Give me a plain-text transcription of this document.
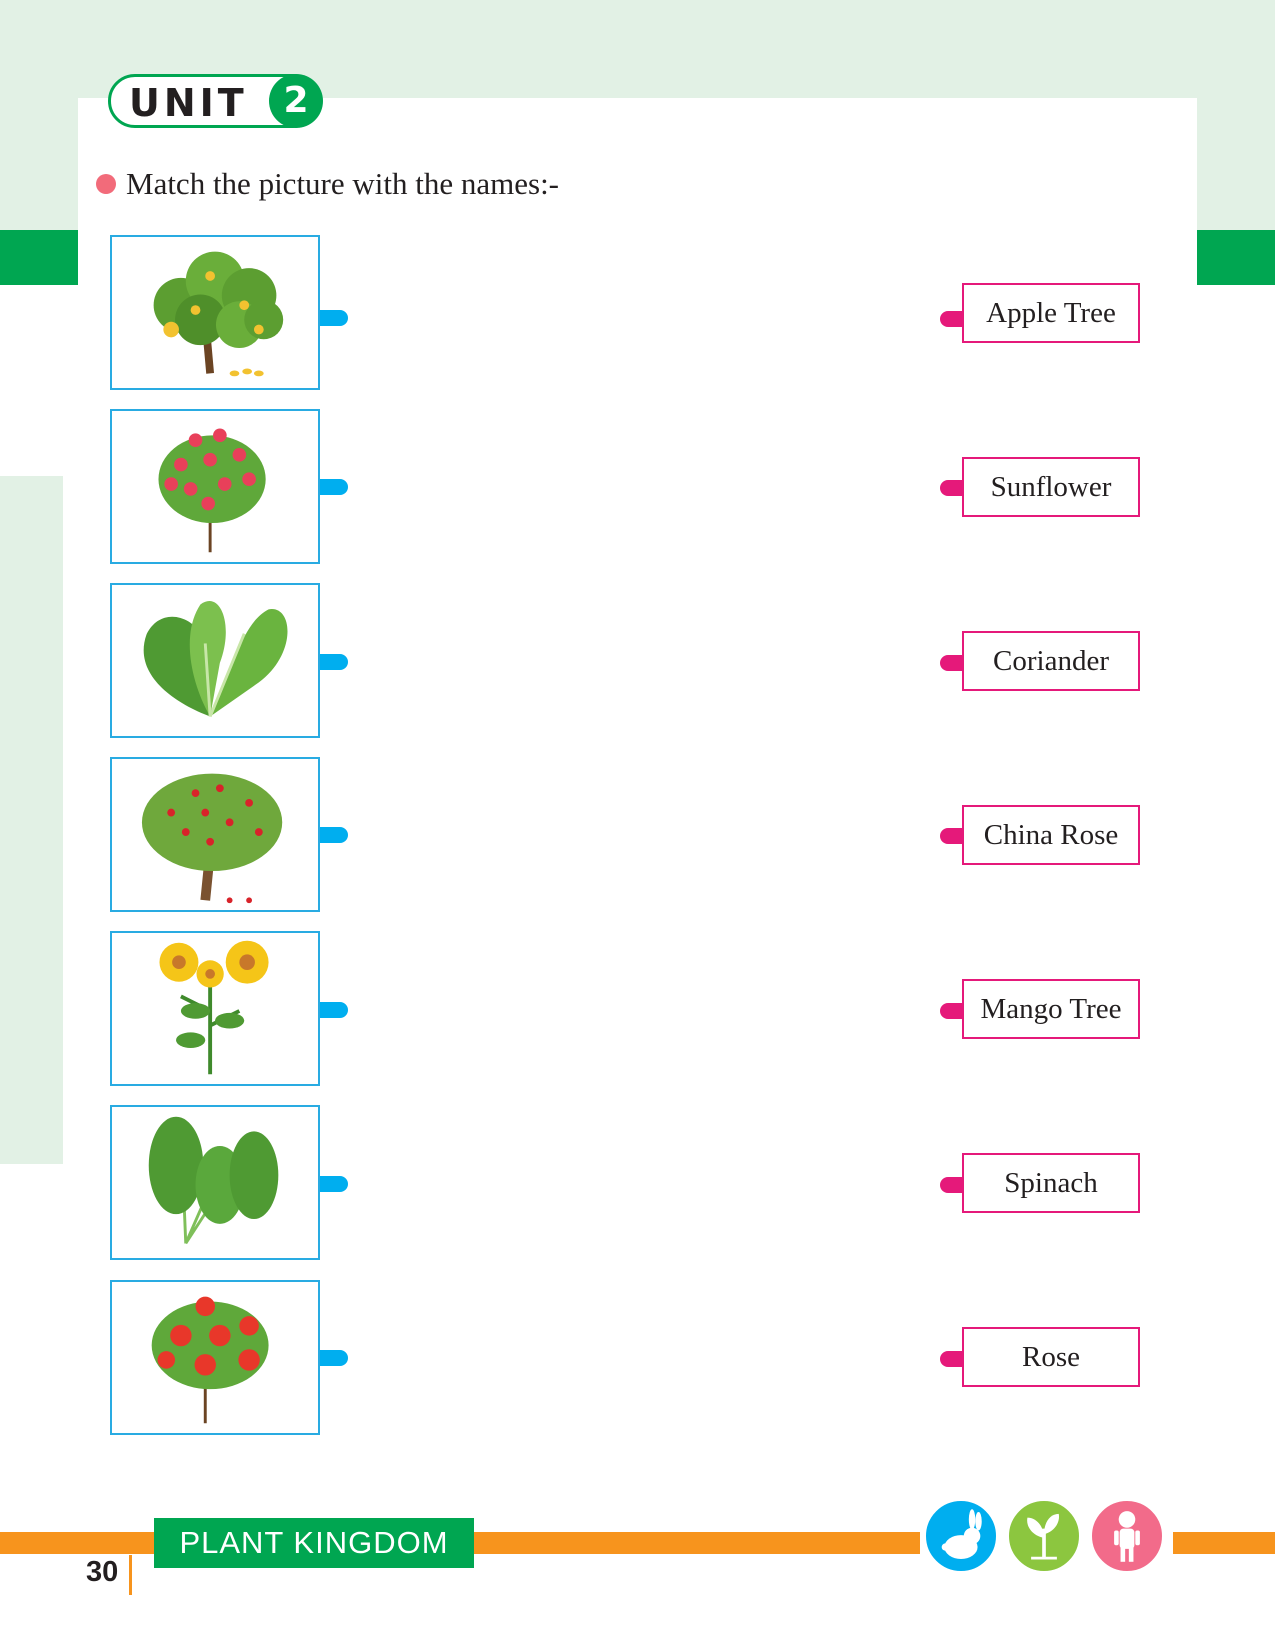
UNIT 2
Match the picture with the names:-
Apple Tree
Sunflower
Coriander
China Rose
Mango Tree
Spinach
Rose
PLANT KINGDOM
30
